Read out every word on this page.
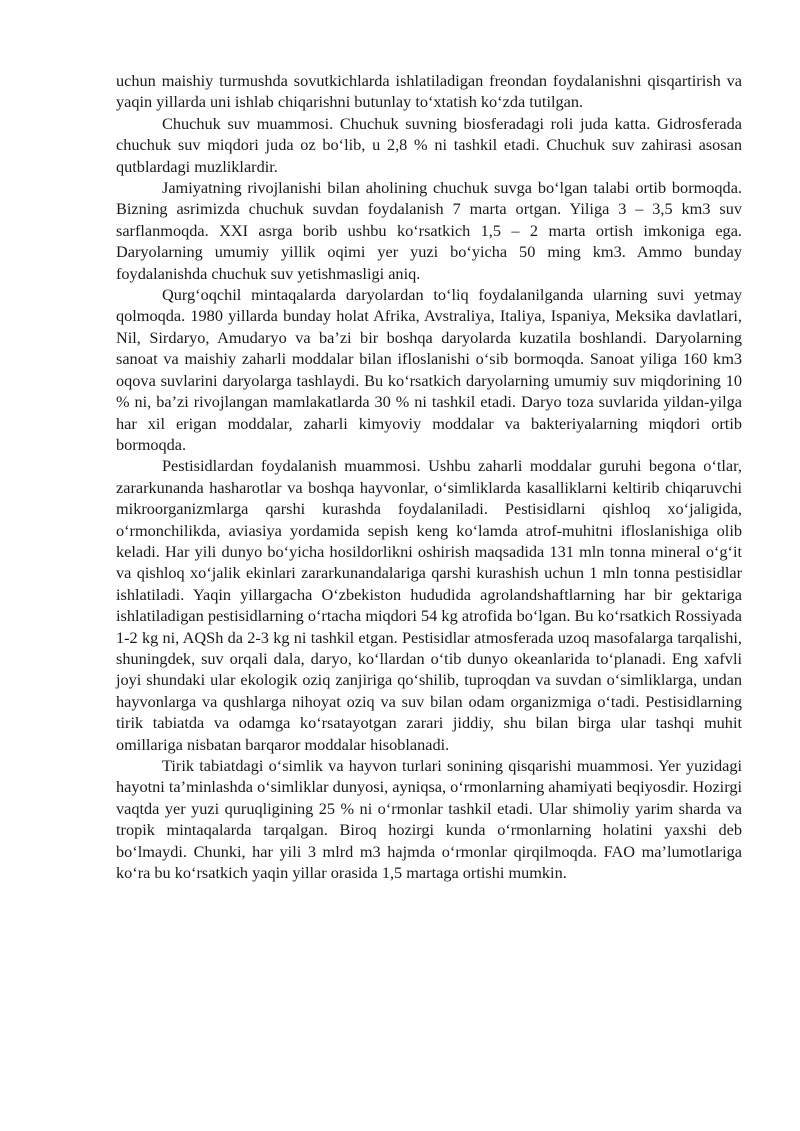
uchun maishiy turmushda sovutkichlarda ishlatiladigan freondan foydalanishni qisqartirish va yaqin yillarda uni ishlab chiqarishni butunlay to‘xtatish ko‘zda tutilgan.

Chuchuk suv muammosi. Chuchuk suvning biosferadagi roli juda katta. Gidrosferada chuchuk suv miqdori juda oz bo‘lib, u 2,8 % ni tashkil etadi. Chuchuk suv zahirasi asosan qutblardagi muzliklardir.

Jamiyatning rivojlanishi bilan aholining chuchuk suvga bo‘lgan talabi ortib bormoqda. Bizning asrimizda chuchuk suvdan foydalanish 7 marta ortgan. Yiliga 3 – 3,5 km3 suv sarflanmoqda. XXI asrga borib ushbu ko‘rsatkich 1,5 – 2 marta ortish imkoniga ega. Daryolarning umumiy yillik oqimi yer yuzi bo‘yicha 50 ming km3. Ammo bunday foydalanishda chuchuk suv yetishmasligi aniq.

Qurg‘oqchil mintaqalarda daryolardan to‘liq foydalanilganda ularning suvi yetmay qolmoqda. 1980 yillarda bunday holat Afrika, Avstraliya, Italiya, Ispaniya, Meksika davlatlari, Nil, Sirdaryo, Amudaryo va ba’zi bir boshqa daryolarda kuzatila boshlandi. Daryolarning sanoat va maishiy zaharli moddalar bilan ifloslanishi o‘sib bormoqda. Sanoat yiliga 160 km3 oqova suvlarini daryolarga tashlaydi. Bu ko‘rsatkich daryolarning umumiy suv miqdorining 10 % ni, ba’zi rivojlangan mamlakatlarda 30 % ni tashkil etadi. Daryo toza suvlarida yildan-yilga har xil erigan moddalar, zaharli kimyoviy moddalar va bakteriyalarning miqdori ortib bormoqda.

Pestisidlardan foydalanish muammosi. Ushbu zaharli moddalar guruhi begona o‘tlar, zararkunanda hasharotlar va boshqa hayvonlar, o‘simliklarda kasalliklarni keltirib chiqaruvchi mikroorganizmlarga qarshi kurashda foydalaniladi. Pestisidlarni qishloq xo‘jaligida, o‘rmonchilikda, aviasiya yordamida sepish keng ko‘lamda atrof-muhitni ifloslanishiga olib keladi. Har yili dunyo bo‘yicha hosildorlikni oshirish maqsadida 131 mln tonna mineral o‘g‘it va qishloq xo‘jalik ekinlari zararkunandalariga qarshi kurashish uchun 1 mln tonna pestisidlar ishlatiladi. Yaqin yillargacha O‘zbekiston hududida agrolandshaftlarning har bir gektariga ishlatiladigan pestisidlarning o‘rtacha miqdori 54 kg atrofida bo‘lgan. Bu ko‘rsatkich Rossiyada 1-2 kg ni, AQSh da 2-3 kg ni tashkil etgan. Pestisidlar atmosferada uzoq masofalarga tarqalishi, shuningdek, suv orqali dala, daryo, ko‘llardan o‘tib dunyo okeanlarida to‘planadi. Eng xafvli joyi shundaki ular ekologik oziq zanjiriga qo‘shilib, tuproqdan va suvdan o‘simliklarga, undan hayvonlarga va qushlarga nihoyat oziq va suv bilan odam organizmiga o‘tadi. Pestisidlarning tirik tabiatda va odamga ko‘rsatayotgan zarari jiddiy, shu bilan birga ular tashqi muhit omillariga nisbatan barqaror moddalar hisoblanadi.

Tirik tabiatdagi o‘simlik va hayvon turlari sonining qisqarishi muammosi. Yer yuzidagi hayotni ta’minlashda o‘simliklar dunyosi, ayniqsa, o‘rmonlarning ahamiyati beqiyosdir. Hozirgi vaqtda yer yuzi quruqligining 25 % ni o‘rmonlar tashkil etadi. Ular shimoliy yarim sharda va tropik mintaqalarda tarqalgan. Biroq hozirgi kunda o‘rmonlarning holatini yaxshi deb bo‘lmaydi. Chunki, har yili 3 mlrd m3 hajmda o‘rmonlar qirqilmoqda. FAO ma’lumotlariga ko‘ra bu ko‘rsatkich yaqin yillar orasida 1,5 martaga ortishi mumkin.
